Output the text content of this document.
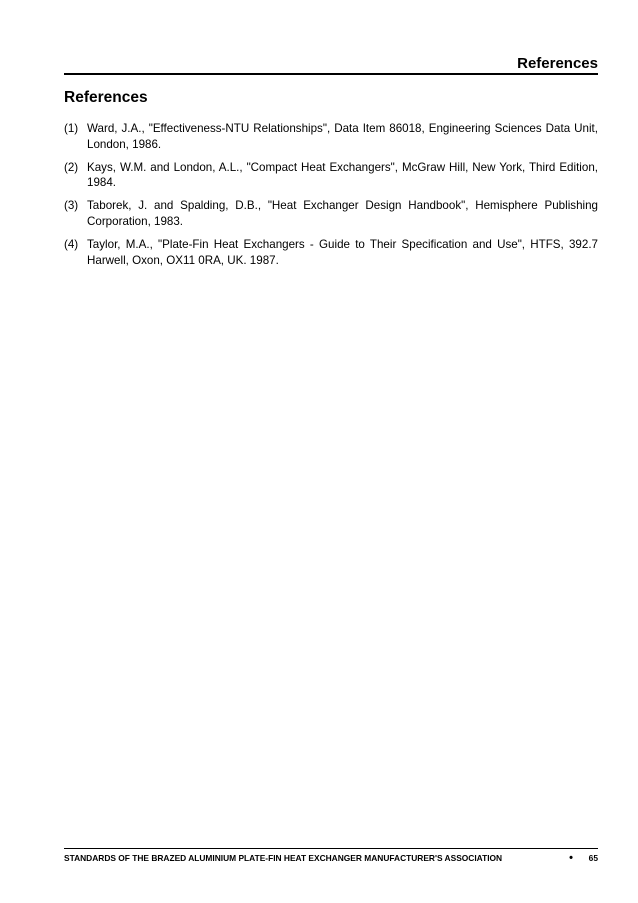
References
References
(1) Ward, J.A., "Effectiveness-NTU Relationships", Data Item 86018, Engineering Sciences Data Unit, London, 1986.
(2) Kays, W.M. and London, A.L., "Compact Heat Exchangers", McGraw Hill, New York, Third Edition, 1984.
(3) Taborek, J. and Spalding, D.B., "Heat Exchanger Design Handbook", Hemisphere Publishing Corporation, 1983.
(4) Taylor, M.A., "Plate-Fin Heat Exchangers - Guide to Their Specification and Use", HTFS, 392.7 Harwell, Oxon, OX11 0RA, UK. 1987.
STANDARDS OF THE BRAZED ALUMINIUM PLATE-FIN HEAT EXCHANGER MANUFACTURER'S ASSOCIATION	• 65
